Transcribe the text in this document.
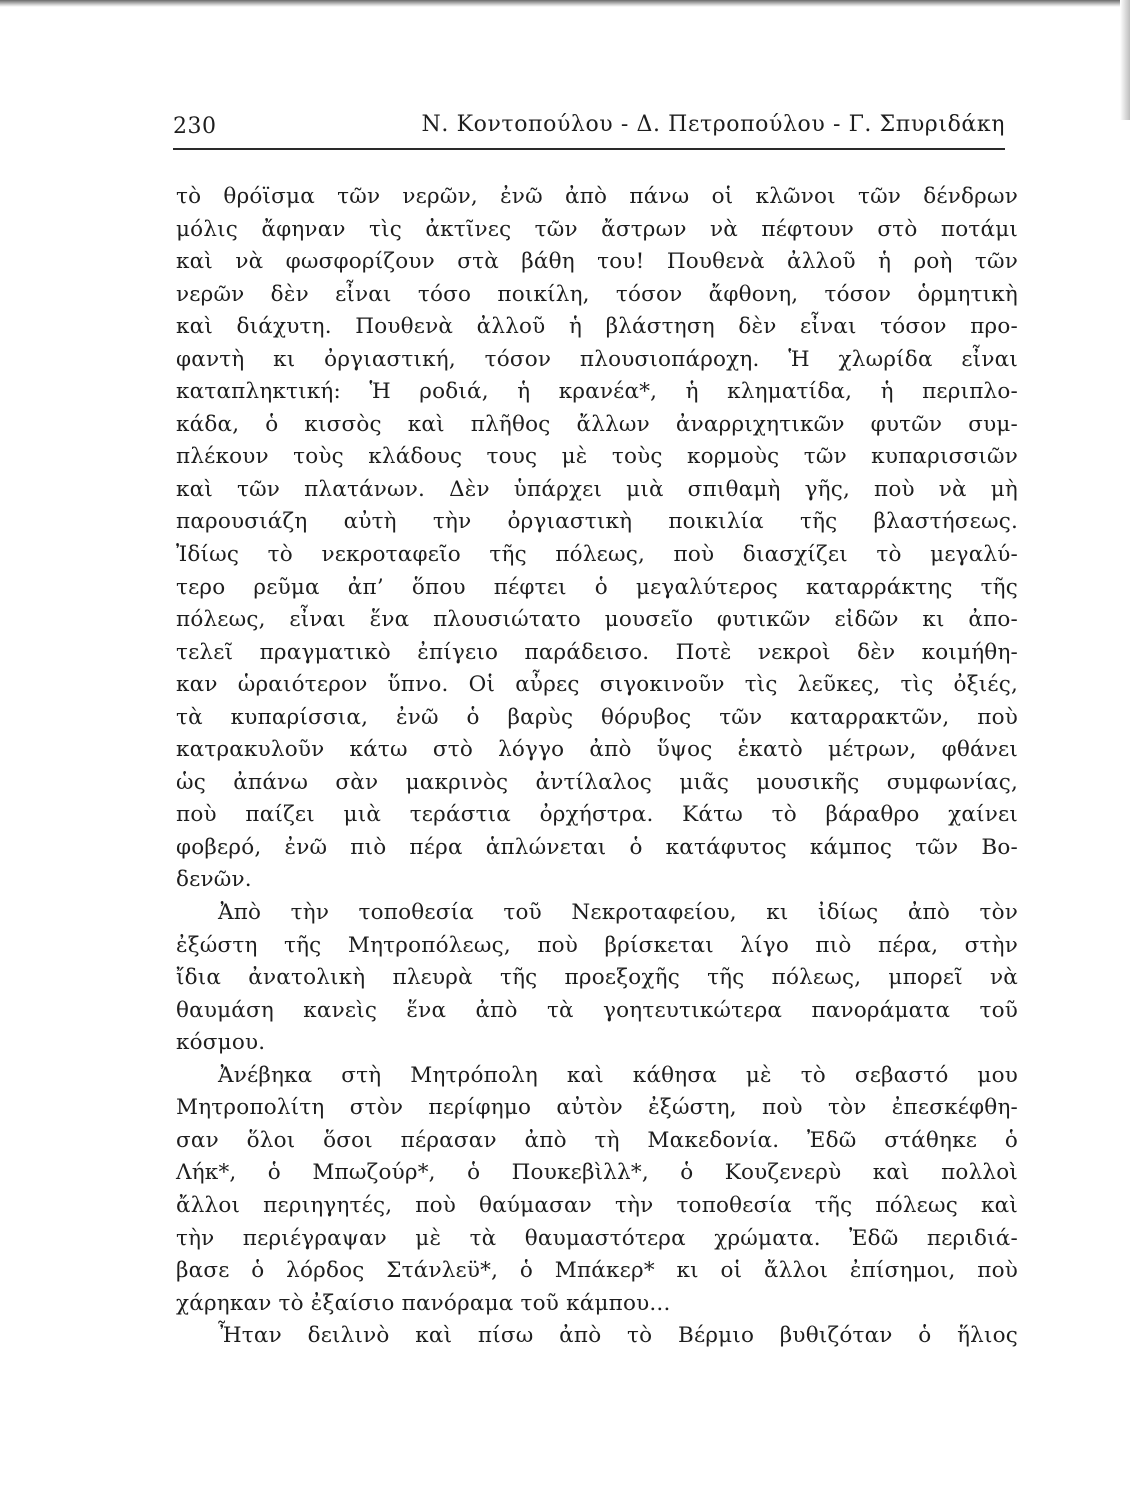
230	Ν. Κοντοπούλου - Δ. Πετροπούλου - Γ. Σπυριδάκη
τὸ θρόϊσμα τῶν νερῶν, ἐνῶ ἀπὸ πάνω οἱ κλῶνοι τῶν δένδρων
μόλις ἄφηναν τὶς ἀκτῖνες τῶν ἄστρων νὰ πέφτουν στὸ ποτάμι
καὶ νὰ φωσφορίζουν στὰ βάθη του! Πουθενὰ ἀλλοῦ ἡ ροὴ τῶν
νερῶν δὲν εἶναι τόσο ποικίλη, τόσον ἄφθονη, τόσον ὁρμητικὴ
καὶ διάχυτη. Πουθενὰ ἀλλοῦ ἡ βλάστηση δὲν εἶναι τόσον προ-
φαντὴ κι ὀργιαστική, τόσον πλουσιοπάροχη. Ἡ χλωρίδα εἶναι
καταπληκτική: Ἡ ροδιά, ἡ κρανέα*, ἡ κληματίδα, ἡ περιπλο-
κάδα, ὁ κισσὸς καὶ πλῆθος ἄλλων ἀναρριχητικῶν φυτῶν συμ-
πλέκουν τοὺς κλάδους τους μὲ τοὺς κορμοὺς τῶν κυπαρισσιῶν
καὶ τῶν πλατάνων. Δὲν ὑπάρχει μιὰ σπιθαμὴ γῆς, ποὺ νὰ μὴ
παρουσιάζη αὐτὴ τὴν ὀργιαστικὴ ποικιλία τῆς βλαστήσεως.
Ἰδίως τὸ νεκροταφεῖο τῆς πόλεως, ποὺ διασχίζει τὸ μεγαλύ-
τερο ρεῦμα ἀπ’ ὅπου πέφτει ὁ μεγαλύτερος καταρράκτης τῆς
πόλεως, εἶναι ἕνα πλουσιώτατο μουσεῖο φυτικῶν εἰδῶν κι ἀπο-
τελεῖ πραγματικὸ ἐπίγειο παράδεισο. Ποτὲ νεκροὶ δὲν κοιμήθη-
καν ὡραιότερον ὕπνο. Οἱ αὖρες σιγοκινοῦν τὶς λεῦκες, τὶς ὀξιές,
τὰ κυπαρίσσια, ἐνῶ ὁ βαρὺς θόρυβος τῶν καταρρακτῶν, ποὺ
κατρακυλοῦν κάτω στὸ λόγγο ἀπὸ ὕψος ἑκατὸ μέτρων, φθάνει
ὡς ἀπάνω σὰν μακρινὸς ἀντίλαλος μιᾶς μουσικῆς συμφωνίας,
ποὺ παίζει μιὰ τεράστια ὀρχήστρα. Κάτω τὸ βάραθρο χαίνει
φοβερό, ἐνῶ πιὸ πέρα ἁπλώνεται ὁ κατάφυτος κάμπος τῶν Βο-
δενῶν.
Ἀπὸ τὴν τοποθεσία τοῦ Νεκροταφείου, κι ἰδίως ἀπὸ τὸν
ἐξώστη τῆς Μητροπόλεως, ποὺ βρίσκεται λίγο πιὸ πέρα, στὴν
ἴδια ἀνατολικὴ πλευρὰ τῆς προεξοχῆς τῆς πόλεως, μπορεῖ νὰ
θαυμάση κανεὶς ἕνα ἀπὸ τὰ γοητευτικώτερα πανοράματα τοῦ
κόσμου.
Ἀνέβηκα στὴ Μητρόπολη καὶ κάθησα μὲ τὸ σεβαστό μου
Μητροπολίτη στὸν περίφημο αὐτὸν ἐξώστη, ποὺ τὸν ἐπεσκέφθη-
σαν ὅλοι ὅσοι πέρασαν ἀπὸ τὴ Μακεδονία. Ἐδῶ στάθηκε ὁ
Λήκ*, ὁ Μπωζούρ*, ὁ Πουκεβὶλλ*, ὁ Κουζενερὺ καὶ πολλοὶ
ἄλλοι περιηγητές, ποὺ θαύμασαν τὴν τοποθεσία τῆς πόλεως καὶ
τὴν περιέγραψαν μὲ τὰ θαυμαστότερα χρώματα. Ἐδῶ περιδιά-
βασε ὁ λόρδος Στάνλεϋ*, ὁ Μπάκερ* κι οἱ ἄλλοι ἐπίσημοι, ποὺ
χάρηκαν τὸ ἐξαίσιο πανόραμα τοῦ κάμπου...
Ἦταν δειλινὸ καὶ πίσω ἀπὸ τὸ Βέρμιο βυθιζόταν ὁ ἥλιος
